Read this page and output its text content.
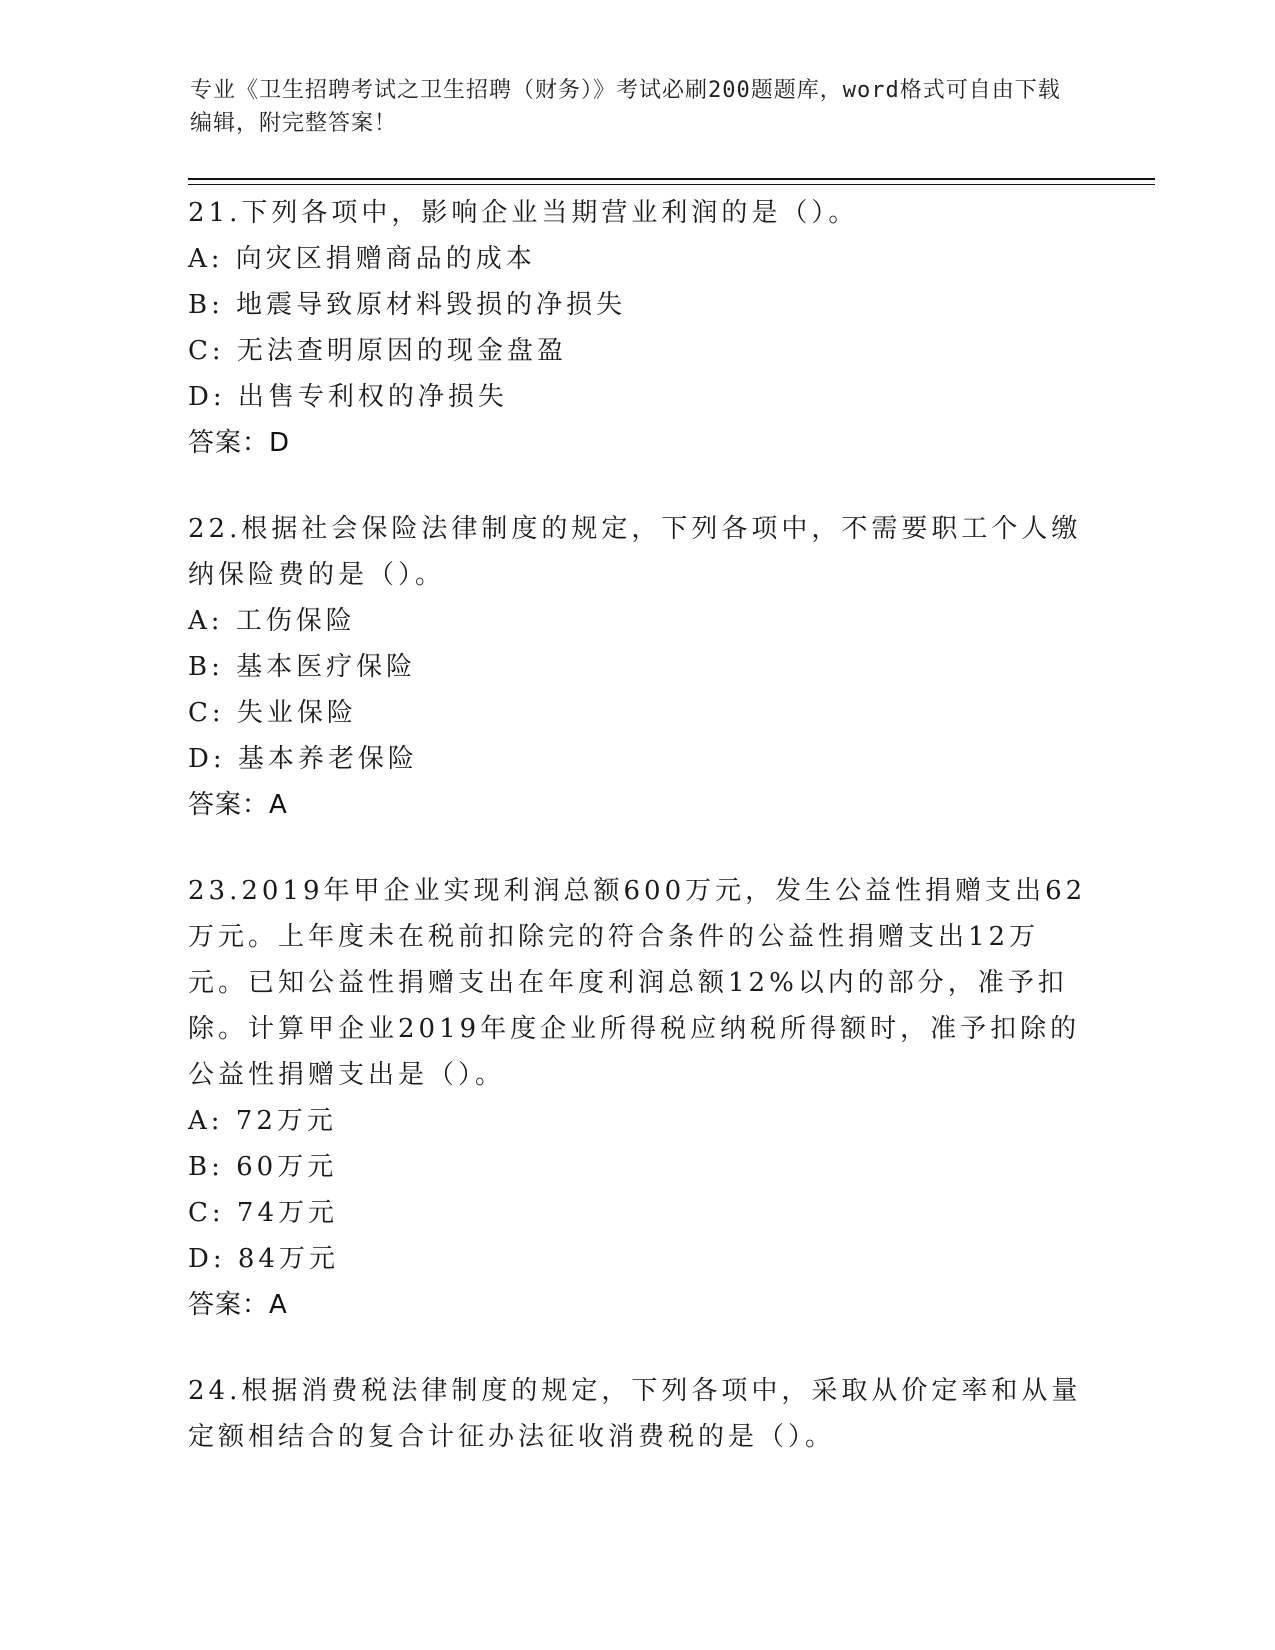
专业《卫生招聘考试之卫生招聘（财务）》考试必刷200题题库，word格式可自由下载编辑，附完整答案！
21.下列各项中，影响企业当期营业利润的是（）。
A: 向灾区捐赠商品的成本
B: 地震导致原材料毁损的净损失
C: 无法查明原因的现金盘盈
D: 出售专利权的净损失
答案：D
22.根据社会保险法律制度的规定，下列各项中，不需要职工个人缴纳保险费的是（）。
A: 工伤保险
B: 基本医疗保险
C: 失业保险
D: 基本养老保险
答案：A
23.2019年甲企业实现利润总额600万元，发生公益性捐赠支出62万元。上年度未在税前扣除完的符合条件的公益性捐赠支出12万元。已知公益性捐赠支出在年度利润总额12%以内的部分，准予扣除。计算甲企业2019年度企业所得税应纳税所得额时，准予扣除的公益性捐赠支出是（）。
A: 72万元
B: 60万元
C: 74万元
D: 84万元
答案：A
24.根据消费税法律制度的规定，下列各项中，采取从价定率和从量定额相结合的复合计征办法征收消费税的是（）。
